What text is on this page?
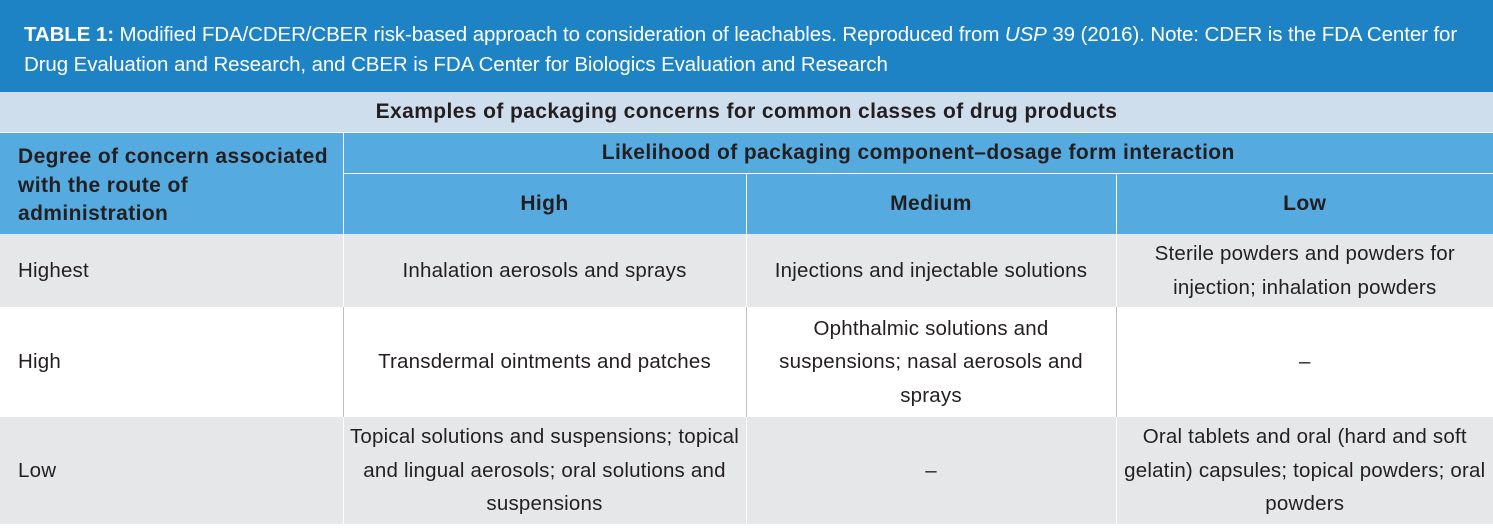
TABLE 1: Modified FDA/CDER/CBER risk-based approach to consideration of leachables. Reproduced from USP 39 (2016). Note: CDER is the FDA Center for Drug Evaluation and Research, and CBER is FDA Center for Biologics Evaluation and Research
Examples of packaging concerns for common classes of drug products			
Degree of concern associated with the route of administration	Likelihood of packaging component–dosage form interaction		
	High	Medium	Low
Highest	Inhalation aerosols and sprays	Injections and injectable solutions	Sterile powders and powders for injection; inhalation powders
High	Transdermal ointments and patches	Ophthalmic solutions and suspensions; nasal aerosols and sprays	–
Low	Topical solutions and suspensions; topical and lingual aerosols; oral solutions and suspensions	–	Oral tablets and oral (hard and soft gelatin) capsules; topical powders; oral powders
